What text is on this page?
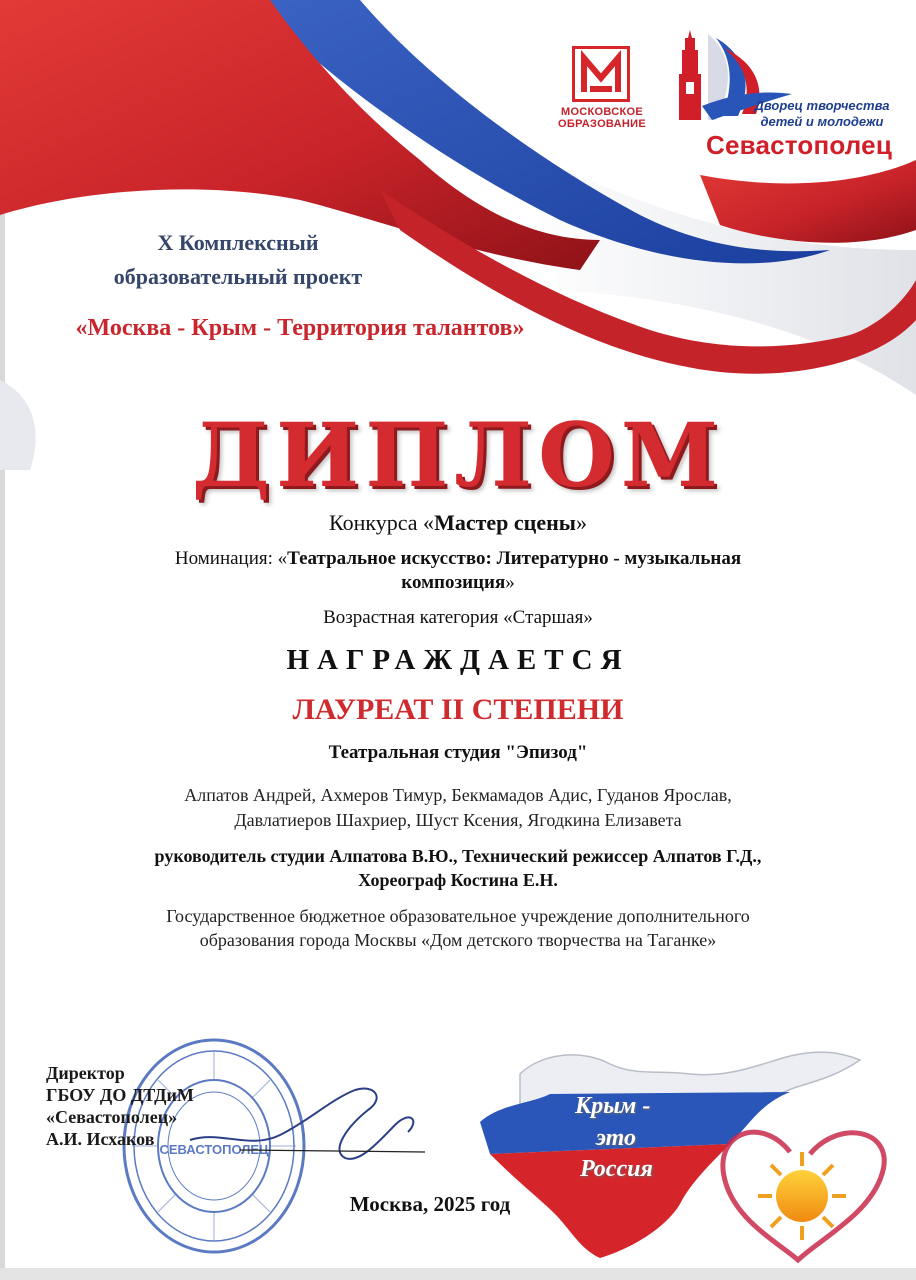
МОСКОВСКОЕ
ОБРАЗОВАНИЕ
Дворец творчества
детей и молодежи
Севастополец
Х Комплексный
образовательный проект
«Москва - Крым - Территория талантов»
ДИПЛОМ
Конкурса «Мастер сцены»
Номинация: «Театральное искусство: Литературно - музыкальная
композиция»
Возрастная категория «Старшая»
НАГРАЖДАЕТСЯ
ЛАУРЕАТ II СТЕПЕНИ
Театральная студия "Эпизод"
Алпатов Андрей, Ахмеров Тимур, Бекмамадов Адис, Гуданов Ярослав,
Давлатиеров Шахриер, Шуст Ксения, Ягодкина Елизавета
руководитель студии Алпатова В.Ю., Технический режиссер Алпатов Г.Д.,
Хореограф Костина Е.Н.
Государственное бюджетное образовательное учреждение дополнительного
образования города Москвы «Дом детского творчества на Таганке»
СЕВАСТОПОЛЕЦ
Директор
ГБОУ ДО ДТДиМ
«Севастополец»
А.И. Исхаков
Москва, 2025 год
Крым -
это
Россия
